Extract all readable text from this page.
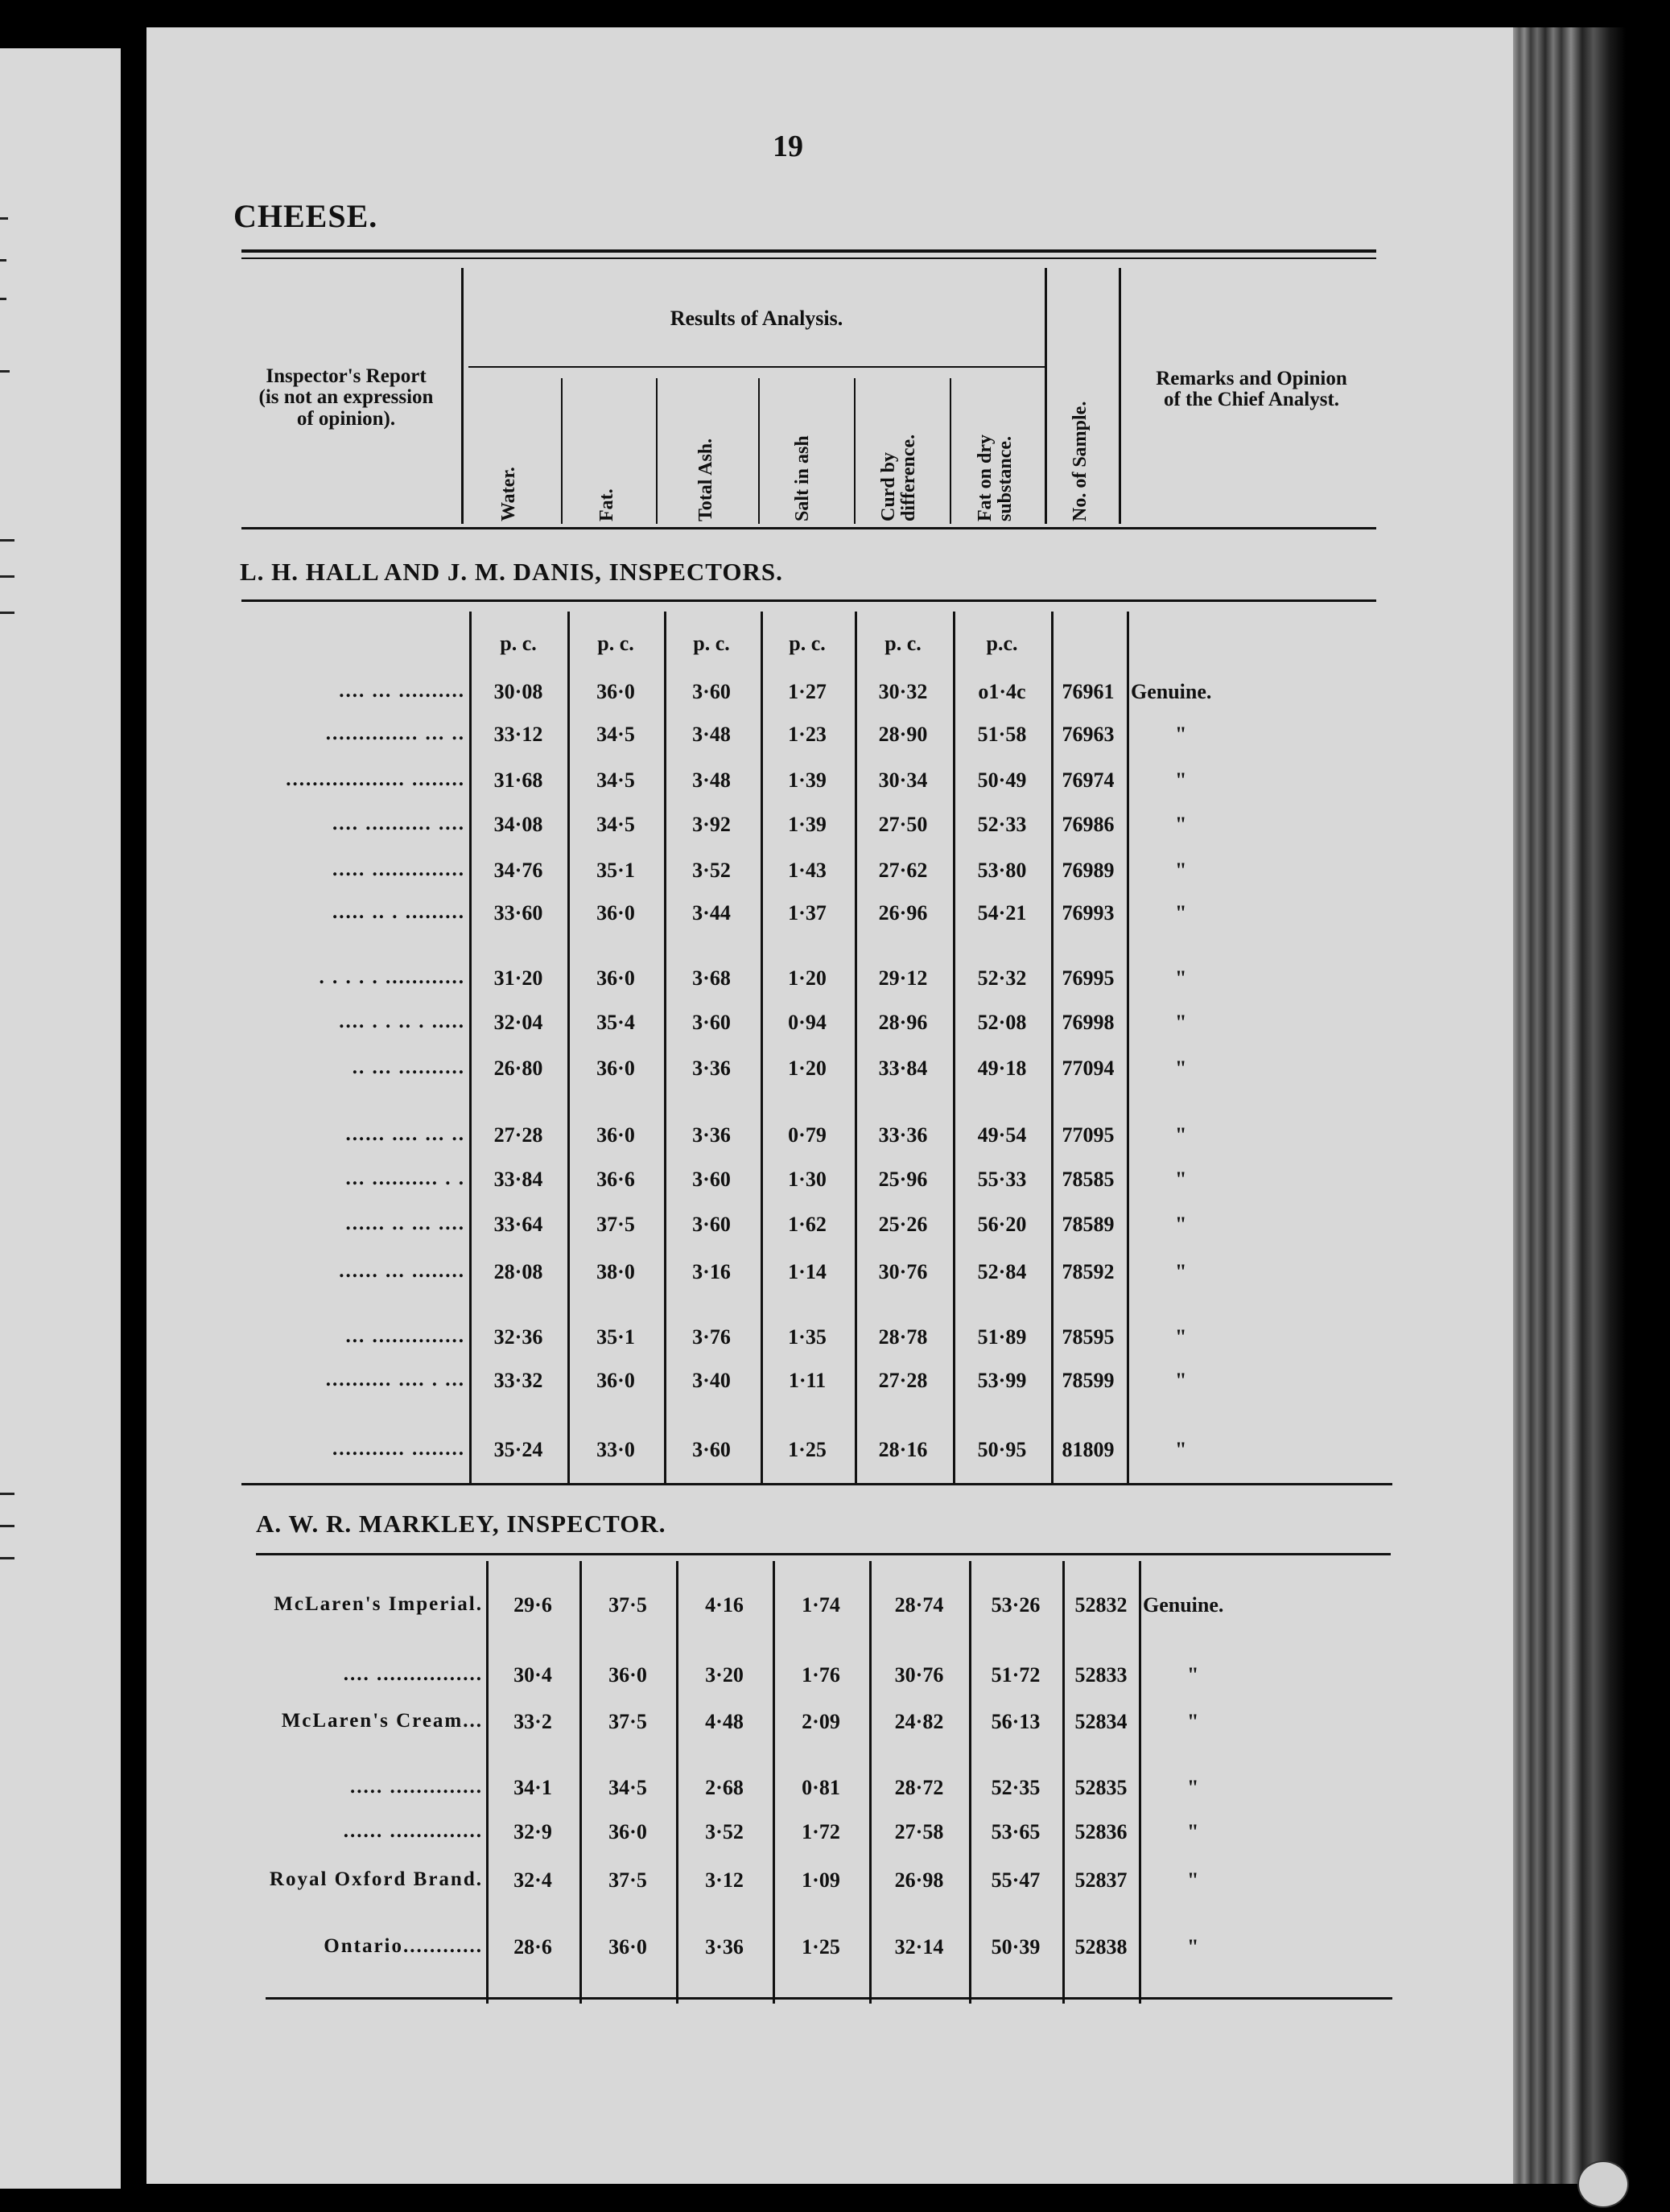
19
CHEESE.
Inspector's Report
(is not an expression
of opinion).
Results of Analysis.
Water.	Fat.	Total Ash.	Salt in ash	Curd by difference.	Fat on dry substance.	No. of Sample.
Remarks and Opinion
of the Chief Analyst.
L. H. HALL AND J. M. DANIS, INSPECTORS.
p. c.	p. c.	p. c.	p. c.	p. c.	p.c.
.... ... ..........	30·08	36·0	3·60	1·27	30·32	o1·4c	76961 Genuine.
.............. ... ..	33·12	34·5	3·48	1·23	28·90	51·58	76963	"
.................. ........	31·68	34·5	3·48	1·39	30·34	50·49	76974	"
.... .......... ....	34·08	34·5	3·92	1·39	27·50	52·33	76986	"
..... ..............	34·76	35·1	3·52	1·43	27·62	53·80	76989	"
..... .. . .........	33·60	36·0	3·44	1·37	26·96	54·21	76993	"
. . . . . ............	31·20	36·0	3·68	1·20	29·12	52·32	76995	"
.... . . .. . .....	32·04	35·4	3·60	0·94	28·96	52·08	76998	"
.. ... ..........	26·80	36·0	3·36	1·20	33·84	49·18	77094	"
...... .... ... ..	27·28	36·0	3·36	0·79	33·36	49·54	77095	"
... .......... . .	33·84	36·6	3·60	1·30	25·96	55·33	78585	"
...... .. ... ....	33·64	37·5	3·60	1·62	25·26	56·20	78589	"
...... ... ........	28·08	38·0	3·16	1·14	30·76	52·84	78592	"
... ..............	32·36	35·1	3·76	1·35	28·78	51·89	78595	"
.......... .... . ...	33·32	36·0	3·40	1·11	27·28	53·99	78599	"
........... ........	35·24	33·0	3·60	1·25	28·16	50·95	81809	"
A. W. R. MARKLEY, INSPECTOR.
McLaren's Imperial.	29·6	37·5	4·16	1·74	28·74	53·26	52832 Genuine.
.... ................	30·4	36·0	3·20	1·76	30·76	51·72	52833	"
McLaren's Cream...	33·2	37·5	4·48	2·09	24·82	56·13	52834	"
..... ..............	34·1	34·5	2·68	0·81	28·72	52·35	52835	"
...... ..............	32·9	36·0	3·52	1·72	27·58	53·65	52836	"
Royal Oxford Brand.	32·4	37·5	3·12	1·09	26·98	55·47	52837	"
Ontario............	28·6	36·0	3·36	1·25	32·14	50·39	52838	"
